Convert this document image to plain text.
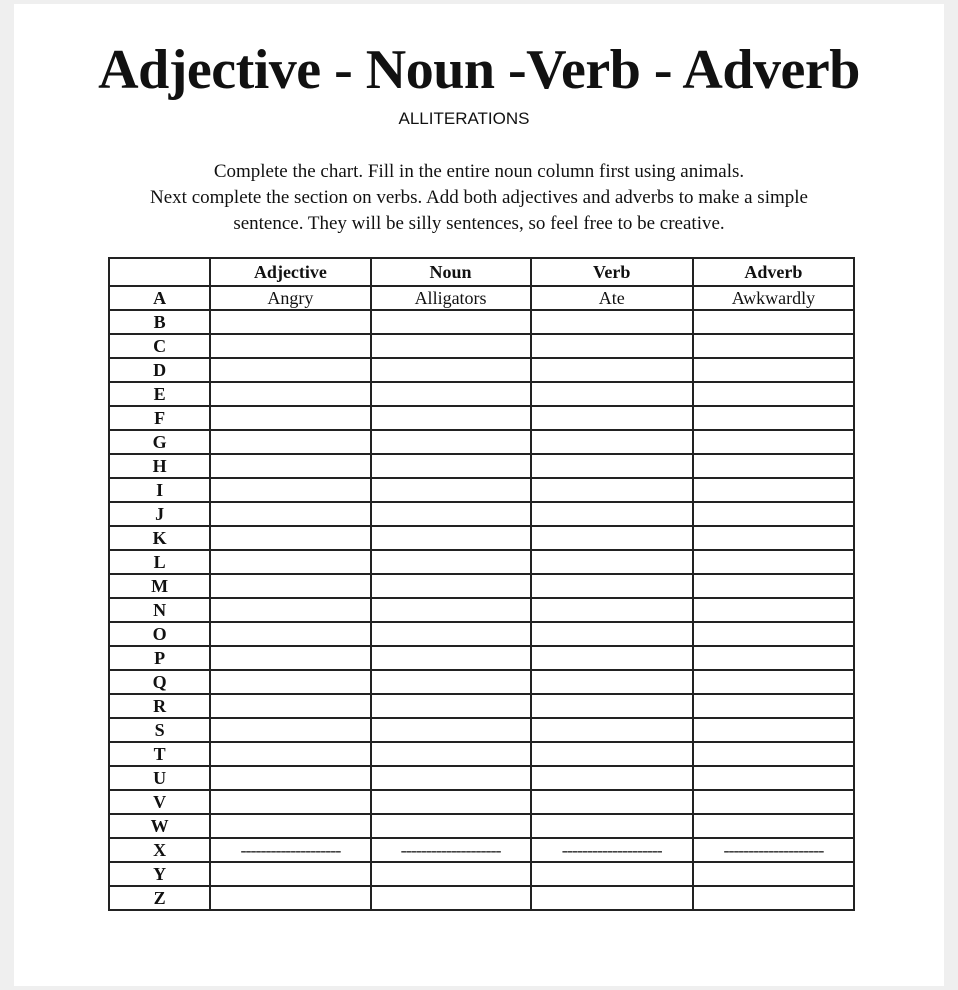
Adjective - Noun -Verb - Adverb
ALLITERATIONS
Complete the chart. Fill in the entire noun column first using animals.
Next complete the section on verbs. Add both adjectives and adverbs to make a simple
sentence. They will be silly sentences, so feel free to be creative.
	Adjective	Noun	Verb	Adverb
A	Angry	Alligators	Ate	Awkwardly
B				
C				
D				
E				
F				
G				
H				
I				
J				
K				
L				
M				
N				
O				
P				
Q				
R				
S				
T				
U				
V				
W				
X	--------------------	--------------------	--------------------	--------------------
Y				
Z				
